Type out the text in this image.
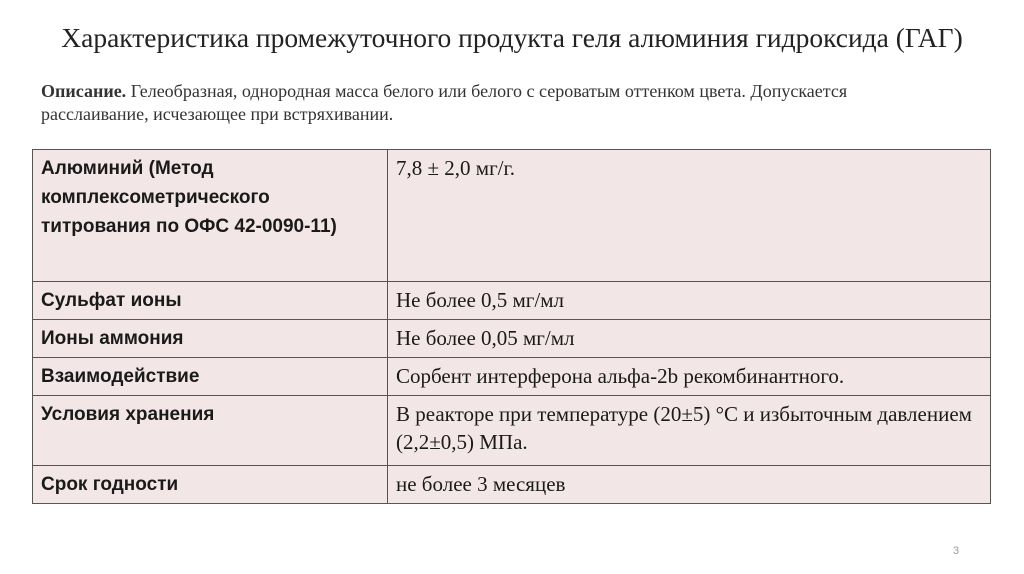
Характеристика промежуточного продукта геля алюминия гидроксида (ГАГ)
Описание. Гелеобразная, однородная масса белого или белого с сероватым оттенком цвета. Допускается расслаивание, исчезающее при встряхивании.
Алюминий (Метод комплексометрического титрования по ОФС 42-0090-11)	7,8 ± 2,0 мг/г.
Сульфат ионы	Не более 0,5 мг/мл
Ионы аммония	Не более 0,05 мг/мл
Взаимодействие	Сорбент интерферона альфа-2b рекомбинантного.
Условия хранения	В реакторе при температуре (20±5) °С и избыточным давлением (2,2±0,5) МПа.
Срок годности	не более 3 месяцев
3
